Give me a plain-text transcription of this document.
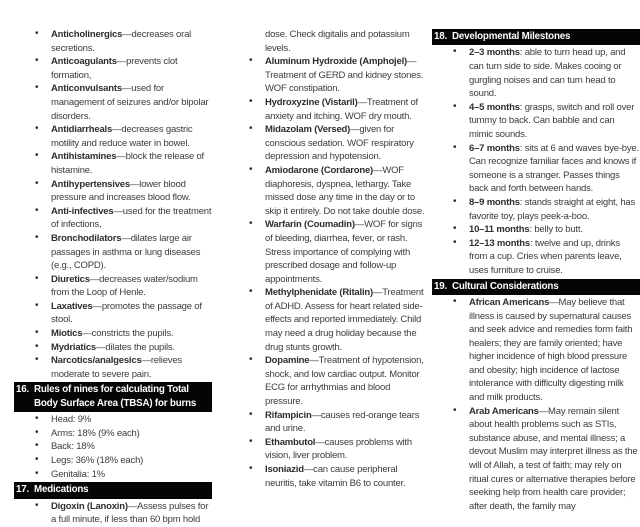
• Anticholinergics—decreases oral secretions.
• Anticoagulants—prevents clot formation,
• Anticonvulsants—used for management of seizures and/or bipolar disorders.
• Antidiarrheals—decreases gastric motility and reduce water in bowel.
• Antihistamines—block the release of histamine.
• Antihypertensives—lower blood pressure and increases blood flow.
• Anti-infectives—used for the treatment of infections,
• Bronchodilators—dilates large air passages in asthma or lung diseases (e.g., COPD).
• Diuretics—decreases water/sodium from the Loop of Henle.
• Laxatives—promotes the passage of stool.
• Miotics—constricts the pupils.
• Mydriatics—dilates the pupils.
• Narcotics/analgesics—relieves moderate to severe pain.
16. Rules of nines for calculating Total Body Surface Area (TBSA) for burns
• Head: 9%
• Arms: 18% (9% each)
• Back: 18%
• Legs: 36% (18% each)
• Genitalia: 1%
17. Medications
• Digoxin (Lanoxin)—Assess pulses for a full minute, if less than 60 bpm hold
dose. Check digitalis and potassium levels.
• Aluminum Hydroxide (Amphojel)—Treatment of GERD and kidney stones. WOF constipation.
• Hydroxyzine (Vistaril)—Treatment of anxiety and itching. WOF dry mouth.
• Midazolam (Versed)—given for conscious sedation. WOF respiratory depression and hypotension.
• Amiodarone (Cordarone)—WOF diaphoresis, dyspnea, lethargy. Take missed dose any time in the day or to skip it entirely. Do not take double dose.
• Warfarin (Coumadin)—WOF for signs of bleeding, diarrhea, fever, or rash. Stress importance of complying with prescribed dosage and follow-up appointments.
• Methylphenidate (Ritalin)—Treatment of ADHD. Assess for heart related side-effects and reported immediately. Child may need a drug holiday because the drug stunts growth.
• Dopamine—Treatment of hypotension, shock, and low cardiac output. Monitor ECG for arrhythmias and blood pressure.
• Rifampicin—causes red-orange tears and urine.
• Ethambutol—causes problems with vision, liver problem.
• Isoniazid—can cause peripheral neuritis, take vitamin B6 to counter.
18. Developmental Milestones
• 2–3 months: able to turn head up, and can turn side to side. Makes cooing or gurgling noises and can turn head to sound.
• 4–5 months: grasps, switch and roll over tummy to back. Can babble and can mimic sounds.
• 6–7 months: sits at 6 and waves bye-bye. Can recognize familiar faces and knows if someone is a stranger. Passes things back and forth between hands.
• 8–9 months: stands straight at eight, has favorite toy, plays peek-a-boo.
• 10–11 months: belly to butt.
• 12–13 months: twelve and up, drinks from a cup. Cries when parents leave, uses furniture to cruise.
19. Cultural Considerations
• African Americans—May believe that illness is caused by supernatural causes and seek advice and remedies form faith healers; they are family oriented; have higher incidence of high blood pressure and obesity; high incidence of lactose intolerance with difficulty digesting milk and milk products.
• Arab Americans—May remain silent about health problems such as STIs, substance abuse, and mental illness; a devout Muslim may interpret illness as the will of Allah, a test of faith; may rely on ritual cures or alternative therapies before seeking help from health care provider; after death, the family may
